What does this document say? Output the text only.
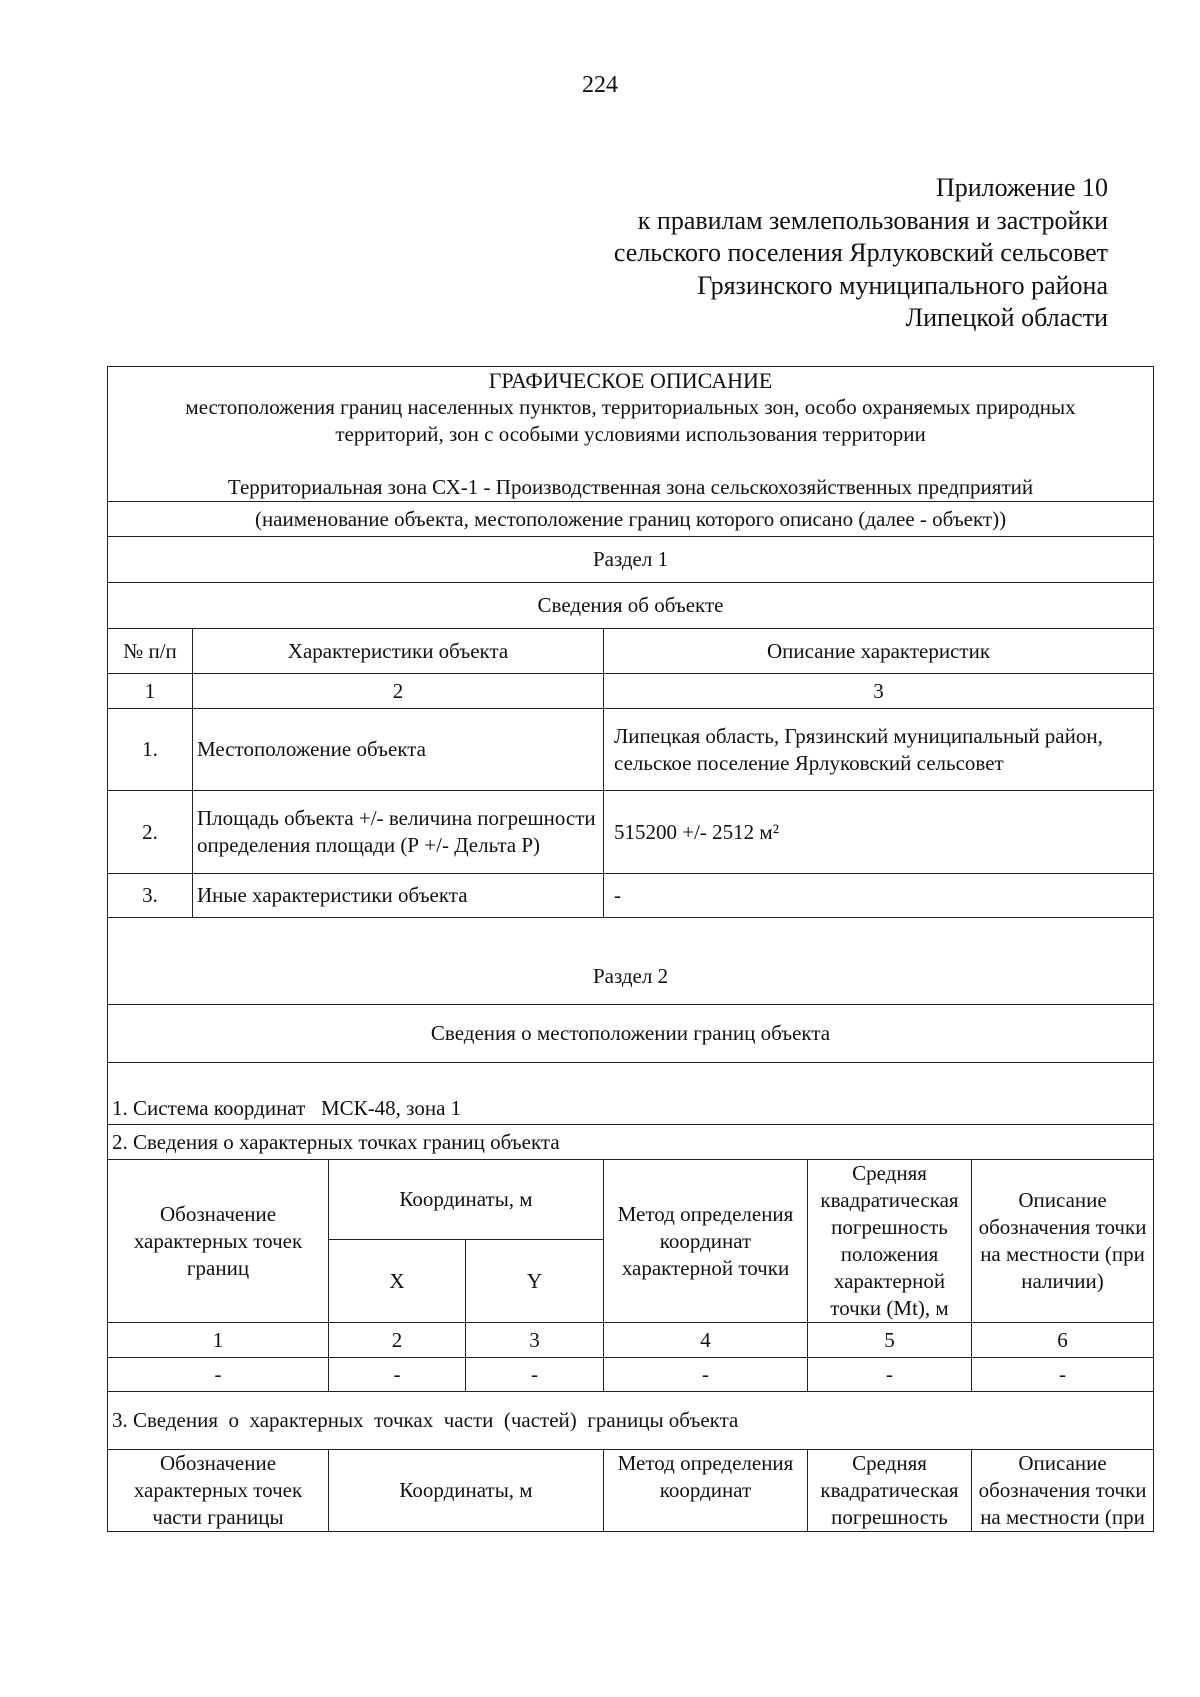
224
Приложение 10
к правилам землепользования и застройки
сельского поселения Ярлуковский сельсовет
Грязинского муниципального района
Липецкой области
ГРАФИЧЕСКОЕ ОПИСАНИЕ
местоположения границ населенных пунктов, территориальных зон, особо охраняемых природных
территорий, зон с особыми условиями использования территории
Территориальная зона СХ-1 - Производственная зона сельскохозяйственных предприятий						

(наименование объекта, местоположение границ которого описано (далее - объект))						
Раздел 1						
Сведения об объекте						
№ п/п	Характеристики объекта			Описание характеристик		
1	2			3		
1.	Местоположение объекта			Липецкая область, Грязинский муниципальный район, сельское поселение Ярлуковский сельсовет		
2.	Площадь объекта +/- величина погрешности определения площади (Р +/- Дельта Р)			515200 +/- 2512 м²		
3.	Иные характеристики объекта			-		
Раздел 2						
Сведения о местоположении границ объекта						
1. Система координат   МСК-48, зона 1						
2. Сведения о характерных точках границ объекта						
Обозначение характерных точек границ		Координаты, м		Метод определения координат характерной точки	Средняя квадратическая погрешность положения характерной точки (Mt), м	Описание обозначения точки на местности (при наличии)
		X	Y			
1		2	3	4	5	6
-		-	-	-	-	-
3. Сведения  о  характерных  точках  части  (частей)  границы объекта						
Обозначение характерных точек части границы		Координаты, м		Метод определения координат	Средняя квадратическая погрешность	Описание обозначения точки на местности (при
